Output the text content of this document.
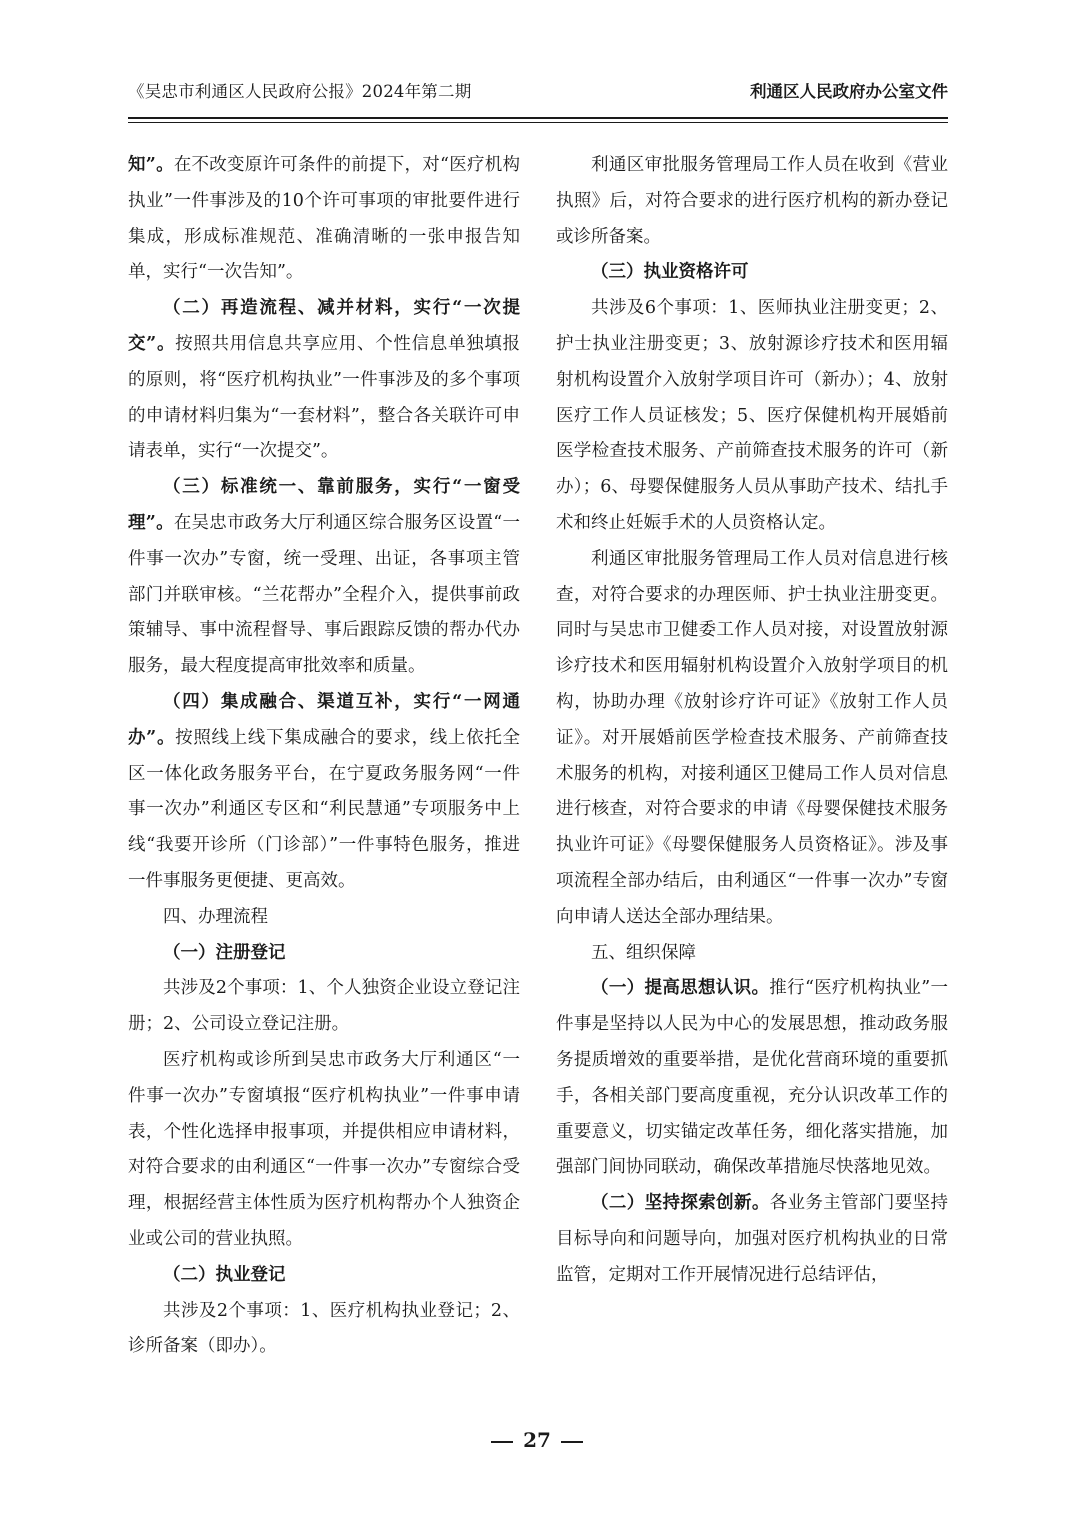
《吴忠市利通区人民政府公报》2024年第二期	利通区人民政府办公室文件

知”。在不改变原许可条件的前提下，对“医疗机构执业”一件事涉及的10个许可事项的审批要件进行集成，形成标准规范、准确清晰的一张申报告知单，实行“一次告知”。

（二）再造流程、减并材料，实行“一次提交”。按照共用信息共享应用、个性信息单独填报的原则，将“医疗机构执业”一件事涉及的多个事项的申请材料归集为“一套材料”，整合各关联许可申请表单，实行“一次提交”。

（三）标准统一、靠前服务，实行“一窗受理”。在吴忠市政务大厅利通区综合服务区设置“一件事一次办”专窗，统一受理、出证，各事项主管部门并联审核。“兰花帮办”全程介入，提供事前政策辅导、事中流程督导、事后跟踪反馈的帮办代办服务，最大程度提高审批效率和质量。

（四）集成融合、渠道互补，实行“一网通办”。按照线上线下集成融合的要求，线上依托全区一体化政务服务平台，在宁夏政务服务网“一件事一次办”利通区专区和“利民慧通”专项服务中上线“我要开诊所（门诊部）”一件事特色服务，推进一件事服务更便捷、更高效。

四、办理流程

（一）注册登记

共涉及2个事项：1、个人独资企业设立登记注册；2、公司设立登记注册。

医疗机构或诊所到吴忠市政务大厅利通区“一件事一次办”专窗填报“医疗机构执业”一件事申请表，个性化选择申报事项，并提供相应申请材料，对符合要求的由利通区“一件事一次办”专窗综合受理，根据经营主体性质为医疗机构帮办个人独资企业或公司的营业执照。

（二）执业登记

共涉及2个事项：1、医疗机构执业登记；2、诊所备案（即办）。

利通区审批服务管理局工作人员在收到《营业执照》后，对符合要求的进行医疗机构的新办登记或诊所备案。

（三）执业资格许可

共涉及6个事项：1、医师执业注册变更；2、护士执业注册变更；3、放射源诊疗技术和医用辐射机构设置介入放射学项目许可（新办）；4、放射医疗工作人员证核发；5、医疗保健机构开展婚前医学检查技术服务、产前筛查技术服务的许可（新办）；6、母婴保健服务人员从事助产技术、结扎手术和终止妊娠手术的人员资格认定。

利通区审批服务管理局工作人员对信息进行核查，对符合要求的办理医师、护士执业注册变更。同时与吴忠市卫健委工作人员对接，对设置放射源诊疗技术和医用辐射机构设置介入放射学项目的机构，协助办理《放射诊疗许可证》《放射工作人员证》。对开展婚前医学检查技术服务、产前筛查技术服务的机构，对接利通区卫健局工作人员对信息进行核查，对符合要求的申请《母婴保健技术服务执业许可证》《母婴保健服务人员资格证》。涉及事项流程全部办结后，由利通区“一件事一次办”专窗向申请人送达全部办理结果。

五、组织保障

（一）提高思想认识。推行“医疗机构执业”一件事是坚持以人民为中心的发展思想，推动政务服务提质增效的重要举措，是优化营商环境的重要抓手，各相关部门要高度重视，充分认识改革工作的重要意义，切实锚定改革任务，细化落实措施，加强部门间协同联动，确保改革措施尽快落地见效。

（二）坚持探索创新。各业务主管部门要坚持目标导向和问题导向，加强对医疗机构执业的日常监管，定期对工作开展情况进行总结评估，

27
